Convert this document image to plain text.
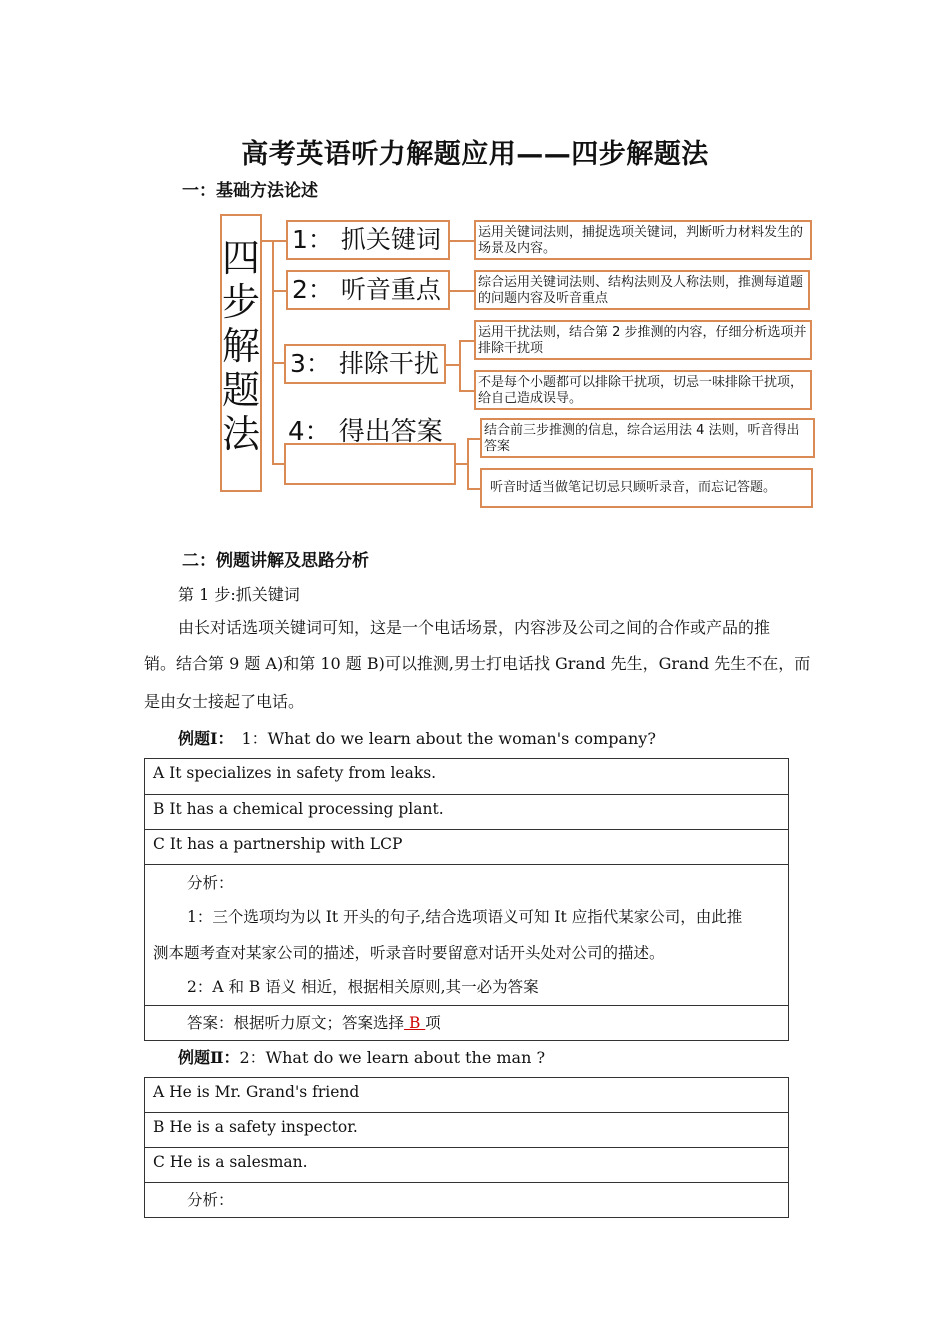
高考英语听力解题应用——四步解题法
一：基础方法论述
四步解题法
1： 抓关键词
2： 听音重点
3： 排除干扰
4： 得出答案
运用关键词法则，捕捉选项关键词，判断听力材料发生的场景及内容。
综合运用关键词法则、结构法则及人称法则，推测每道题的问题内容及听音重点
运用干扰法则，结合第 2 步推测的内容，仔细分析选项并排除干扰项
不是每个小题都可以排除干扰项，切忌一味排除干扰项，给自己造成误导。
结合前三步推测的信息，综合运用法 4 法则，听音得出答案
听音时适当做笔记切忌只顾听录音，而忘记答题。
二：例题讲解及思路分析
第 1 步:抓关键词
由长对话选项关键词可知，这是一个电话场景，内容涉及公司之间的合作或产品的推
销。结合第 9 题 A)和第 10 题 B)可以推测,男士打电话找 Grand 先生，Grand 先生不在，而
是由女士接起了电话。
例题Ⅰ： 1：What do we learn about the woman's company?
A It specializes in safety from leaks.
B It has a chemical processing plant.
C It has a partnership with LCP

分析：
1：三个选项均为以 It 开头的句子,结合选项语义可知 It 应指代某家公司，由此推
测本题考查对某家公司的描述，听录音时要留意对话开头处对公司的描述。
2：A 和 B 语义 相近，根据相关原则,其一必为答案

答案：根据听力原文；答案选择 B 项
例题Ⅱ：2：What do we learn about the man ?
A He is Mr. Grand's friend
B He is a safety inspector.
C He is a salesman.
分析：
